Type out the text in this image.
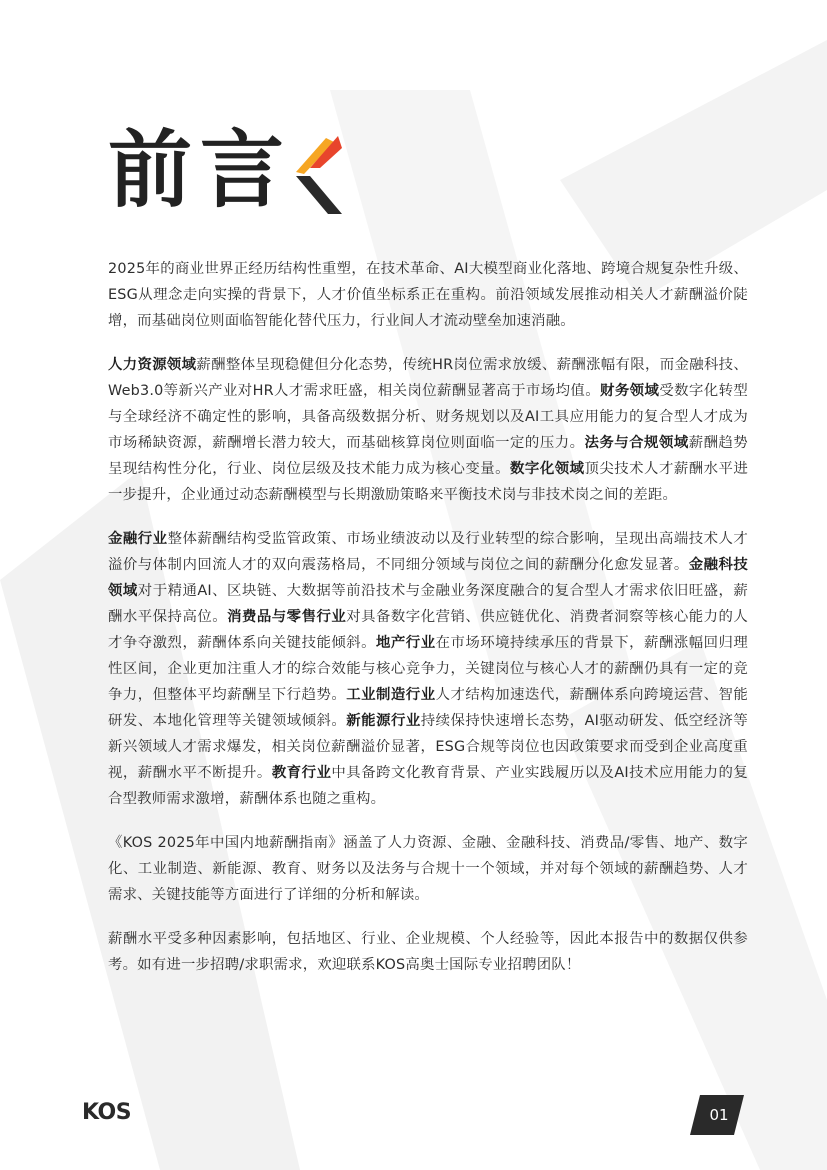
前言

2025年的商业世界正经历结构性重塑，在技术革命、AI大模型商业化落地、跨境合规复杂性升级、ESG从理念走向实操的背景下，人才价值坐标系正在重构。前沿领域发展推动相关人才薪酬溢价陡增，而基础岗位则面临智能化替代压力，行业间人才流动壁垒加速消融。

人力资源领域薪酬整体呈现稳健但分化态势，传统HR岗位需求放缓、薪酬涨幅有限，而金融科技、Web3.0等新兴产业对HR人才需求旺盛，相关岗位薪酬显著高于市场均值。财务领域受数字化转型与全球经济不确定性的影响，具备高级数据分析、财务规划以及AI工具应用能力的复合型人才成为市场稀缺资源，薪酬增长潜力较大，而基础核算岗位则面临一定的压力。法务与合规领域薪酬趋势呈现结构性分化，行业、岗位层级及技术能力成为核心变量。数字化领域顶尖技术人才薪酬水平进一步提升，企业通过动态薪酬模型与长期激励策略来平衡技术岗与非技术岗之间的差距。

金融行业整体薪酬结构受监管政策、市场业绩波动以及行业转型的综合影响，呈现出高端技术人才溢价与体制内回流人才的双向震荡格局，不同细分领域与岗位之间的薪酬分化愈发显著。金融科技领域对于精通AI、区块链、大数据等前沿技术与金融业务深度融合的复合型人才需求依旧旺盛，薪酬水平保持高位。消费品与零售行业对具备数字化营销、供应链优化、消费者洞察等核心能力的人才争夺激烈，薪酬体系向关键技能倾斜。地产行业在市场环境持续承压的背景下，薪酬涨幅回归理性区间，企业更加注重人才的综合效能与核心竞争力，关键岗位与核心人才的薪酬仍具有一定的竞争力，但整体平均薪酬呈下行趋势。工业制造行业人才结构加速迭代，薪酬体系向跨境运营、智能研发、本地化管理等关键领域倾斜。新能源行业持续保持快速增长态势，AI驱动研发、低空经济等新兴领域人才需求爆发，相关岗位薪酬溢价显著，ESG合规等岗位也因政策要求而受到企业高度重视，薪酬水平不断提升。教育行业中具备跨文化教育背景、产业实践履历以及AI技术应用能力的复合型教师需求激增，薪酬体系也随之重构。

《KOS 2025年中国内地薪酬指南》涵盖了人力资源、金融、金融科技、消费品/零售、地产、数字化、工业制造、新能源、教育、财务以及法务与合规十一个领域，并对每个领域的薪酬趋势、人才需求、关键技能等方面进行了详细的分析和解读。

薪酬水平受多种因素影响，包括地区、行业、企业规模、个人经验等，因此本报告中的数据仅供参考。如有进一步招聘/求职需求，欢迎联系KOS高奥士国际专业招聘团队！

KOS	01
